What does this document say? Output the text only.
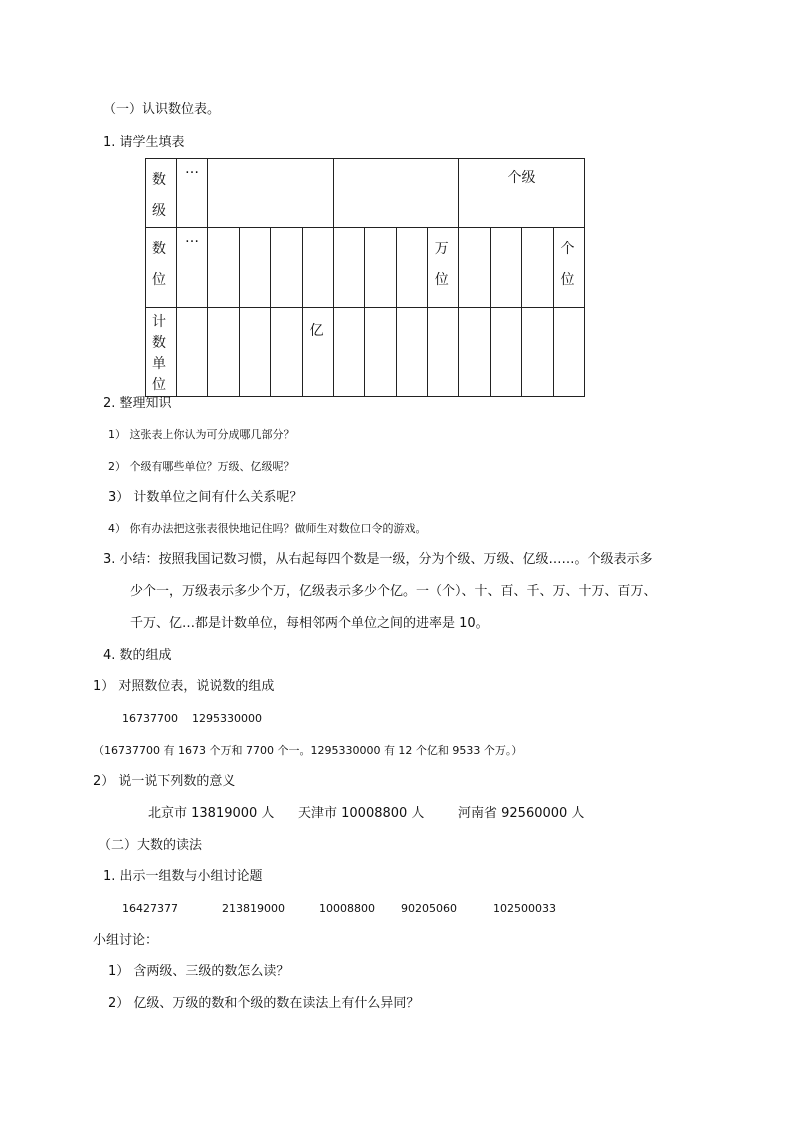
（一）认识数位表。
1. 请学生填表
数级	…									个级			

数位	…								万位				个位

计数单位					亿								

2. 整理知识
1） 这张表上你认为可分成哪几部分？
2） 个级有哪些单位？万级、亿级呢？
3） 计数单位之间有什么关系呢？
4） 你有办法把这张表很快地记住吗？做师生对数位口令的游戏。
3. 小结：按照我国记数习惯，从右起每四个数是一级，分为个级、万级、亿级……。个级表示多
少个一，万级表示多少个万，亿级表示多少个亿。一（个）、十、百、千、万、十万、百万、
千万、亿…都是计数单位，每相邻两个单位之间的进率是 10。
4. 数的组成
1） 对照数位表，说说数的组成
16737700    1295330000
（16737700 有 1673 个万和 7700 个一。1295330000 有 12 个亿和 9533 个万。）
2） 说一说下列数的意义
北京市 13819000 人 天津市 10008800 人	河南省 92560000 人
（二）大数的读法
1. 出示一组数与小组讨论题
16427377	213819000	10008800 90205060	102500033
小组讨论：
1） 含两级、三级的数怎么读？
2） 亿级、万级的数和个级的数在读法上有什么异同？
